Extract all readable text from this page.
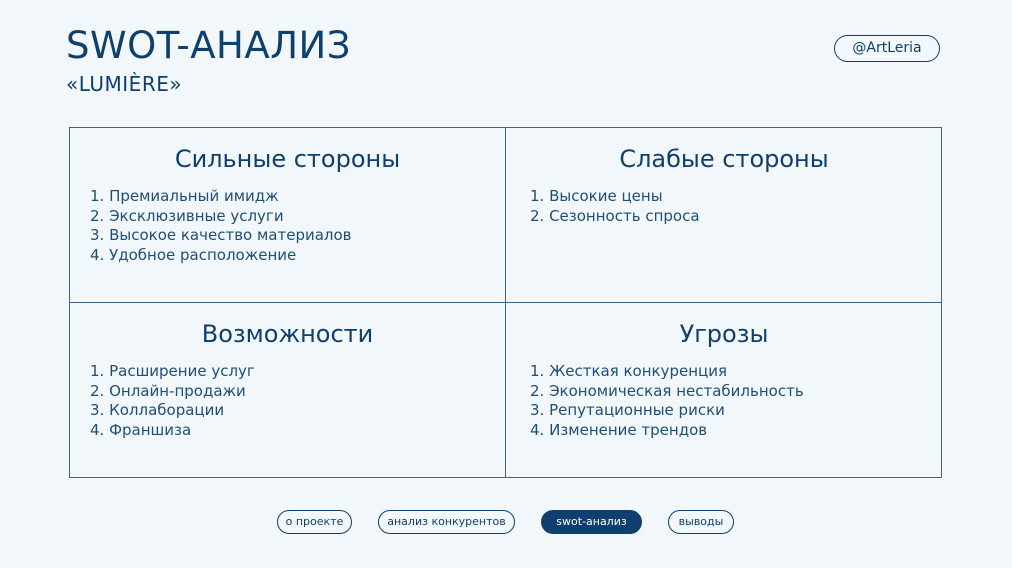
SWOT-АНАЛИЗ
«LUMIÈRE»
@ArtLeria
Сильные стороны
1. Премиальный имидж
2. Эксклюзивные услуги
3. Высокое качество материалов
4. Удобное расположение
Слабые стороны
1. Высокие цены
2. Сезонность спроса
Возможности
1. Расширение услуг
2. Онлайн-продажи
3. Коллаборации
4. Франшиза
Угрозы
1. Жесткая конкуренция
2. Экономическая нестабильность
3. Репутационные риски
4. Изменение трендов
о проекте	анализ конкурентов	swot-анализ	выводы
